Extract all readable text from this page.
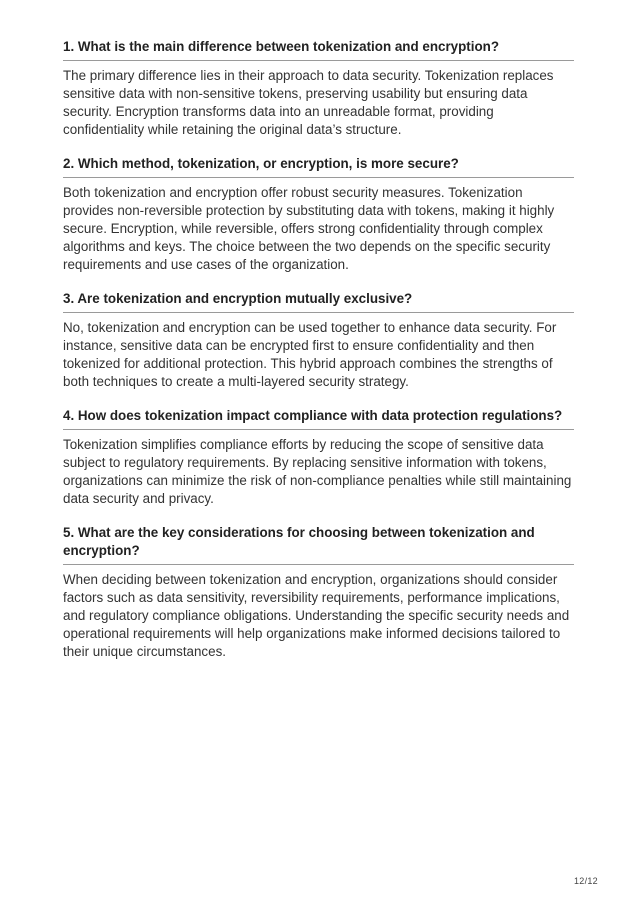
1. What is the main difference between tokenization and encryption?

The primary difference lies in their approach to data security. Tokenization replaces sensitive data with non-sensitive tokens, preserving usability but ensuring data security. Encryption transforms data into an unreadable format, providing confidentiality while retaining the original data’s structure.

2. Which method, tokenization, or encryption, is more secure?

Both tokenization and encryption offer robust security measures. Tokenization provides non-reversible protection by substituting data with tokens, making it highly secure. Encryption, while reversible, offers strong confidentiality through complex algorithms and keys. The choice between the two depends on the specific security requirements and use cases of the organization.

3. Are tokenization and encryption mutually exclusive?

No, tokenization and encryption can be used together to enhance data security. For instance, sensitive data can be encrypted first to ensure confidentiality and then tokenized for additional protection. This hybrid approach combines the strengths of both techniques to create a multi-layered security strategy.

4. How does tokenization impact compliance with data protection regulations?

Tokenization simplifies compliance efforts by reducing the scope of sensitive data subject to regulatory requirements. By replacing sensitive information with tokens, organizations can minimize the risk of non-compliance penalties while still maintaining data security and privacy.

5. What are the key considerations for choosing between tokenization and encryption?

When deciding between tokenization and encryption, organizations should consider factors such as data sensitivity, reversibility requirements, performance implications, and regulatory compliance obligations. Understanding the specific security needs and operational requirements will help organizations make informed decisions tailored to their unique circumstances.

12/12
